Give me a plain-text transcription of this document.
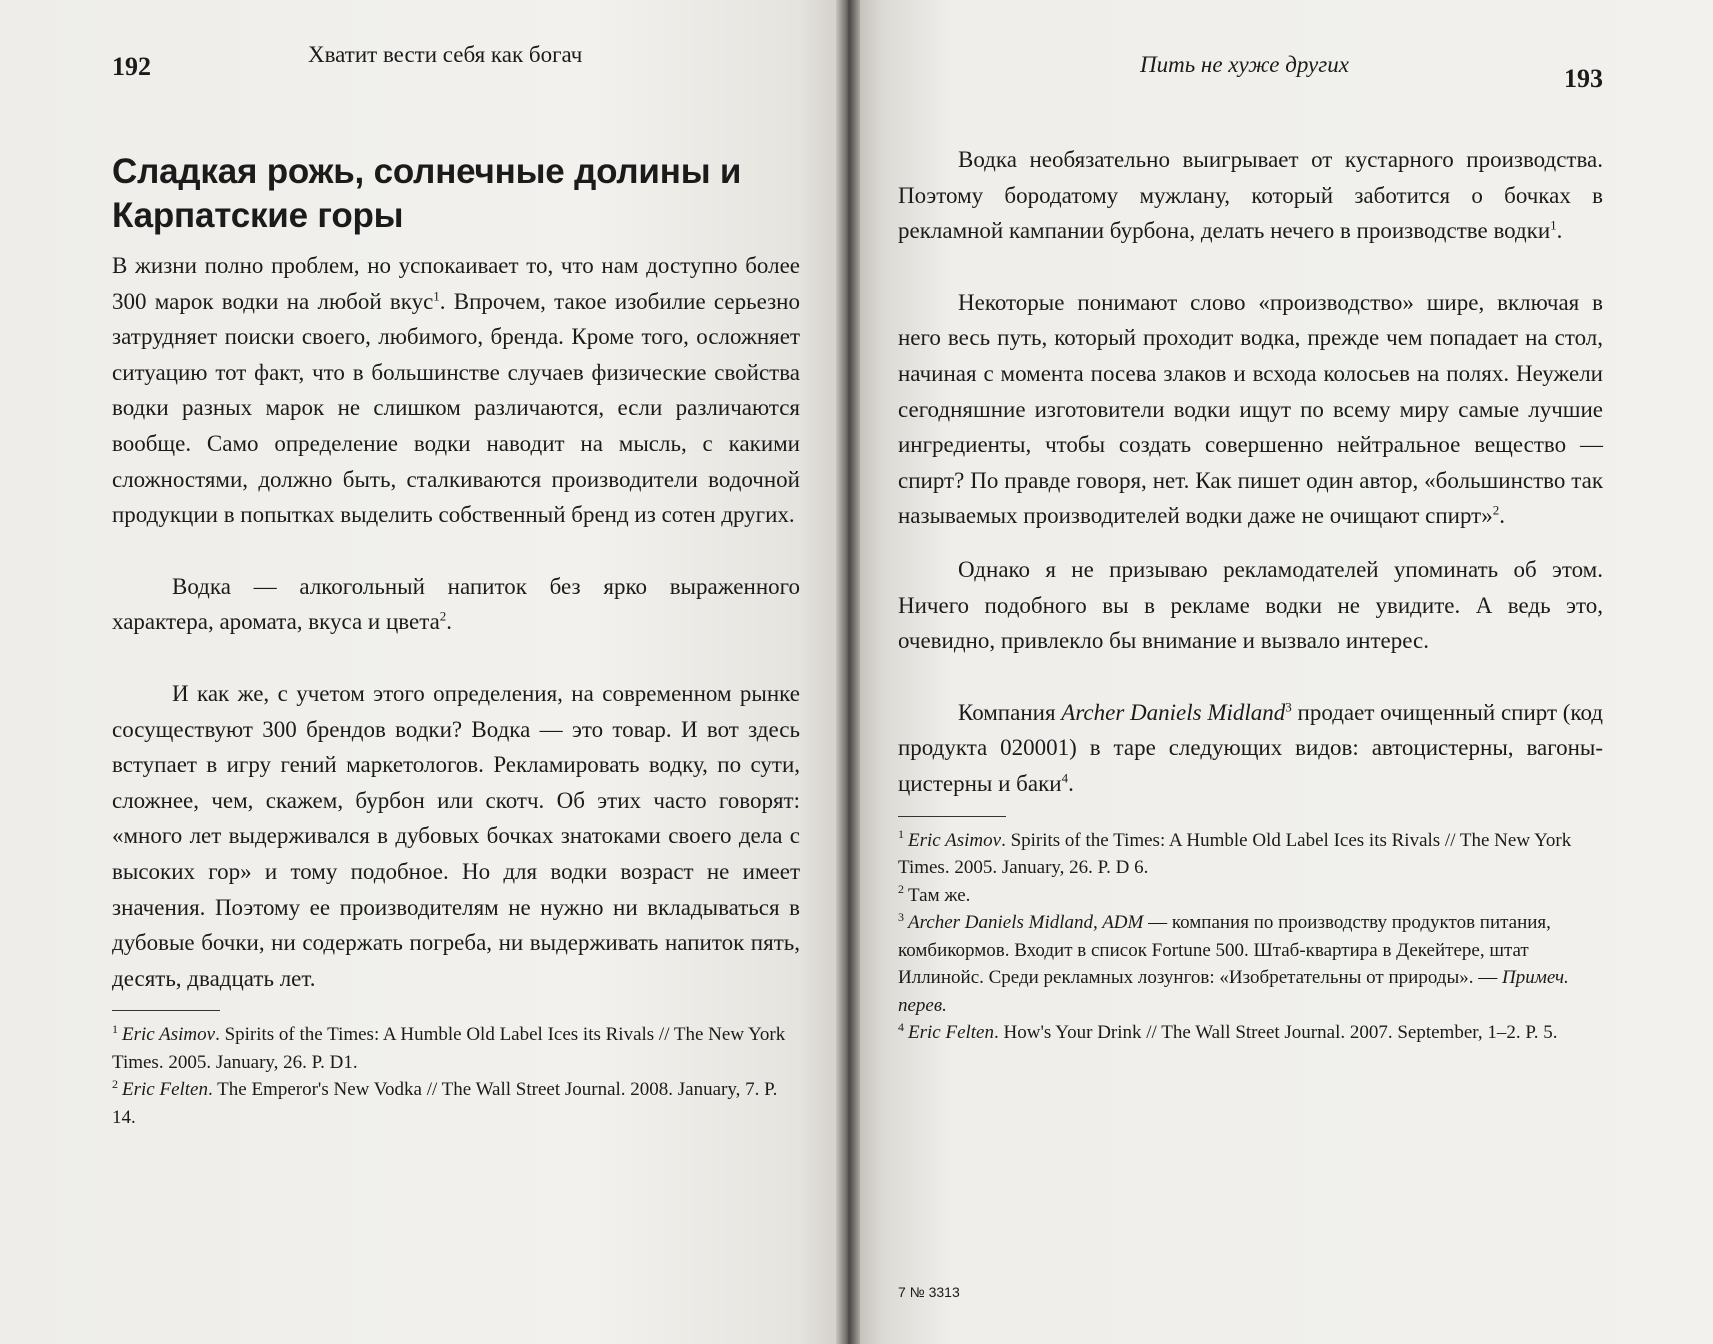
192	Хватит вести себя как богач
Сладкая рожь, солнечные долины и Карпатские горы

В жизни полно проблем, но успокаивает то, что нам доступно более 300 марок водки на любой вкус$^1$. Впрочем, такое изобилие серьезно затрудняет поиски своего, любимого, бренда. Кроме того, осложняет ситуацию тот факт, что в большинстве случаев физические свойства водки разных марок не слишком различаются, если различаются вообще. Само определение водки наводит на мысль, с какими сложностями, должно быть, сталкиваются производители водочной продукции в попытках выделить собственный бренд из сотен других.

Водка — алкогольный напиток без ярко выраженного характера, аромата, вкуса и цвета$^2$.

И как же, с учетом этого определения, на современном рынке сосуществуют 300 брендов водки? Водка — это товар. И вот здесь вступает в игру гений маркетологов. Рекламировать водку, по сути, сложнее, чем, скажем, бурбон или скотч. Об этих часто говорят: «много лет выдерживался в дубовых бочках знатоками своего дела с высоких гор» и тому подобное. Но для водки возраст не имеет значения. Поэтому ее производителям не нужно ни вкладываться в дубовые бочки, ни содержать погреба, ни выдерживать напиток пять, десять, двадцать лет.

$^1$ Eric Asimov. Spirits of the Times: A Humble Old Label Ices its Rivals // The New York Times. 2005. January, 26. P. D1.
$^2$ Eric Felten. The Emperor's New Vodka // The Wall Street Journal. 2008. January, 7. P. 14.
Пить не хуже других	193

Водка необязательно выигрывает от кустарного производства. Поэтому бородатому мужлану, который заботится о бочках в рекламной кампании бурбона, делать нечего в производстве водки$^1$.

Некоторые понимают слово «производство» шире, включая в него весь путь, который проходит водка, прежде чем попадает на стол, начиная с момента посева злаков и всхода колосьев на полях. Неужели сегодняшние изготовители водки ищут по всему миру самые лучшие ингредиенты, чтобы создать совершенно нейтральное вещество — спирт? По правде говоря, нет. Как пишет один автор, «большинство так называемых производителей водки даже не очищают спирт»$^2$.

Однако я не призываю рекламодателей упоминать об этом. Ничего подобного вы в рекламе водки не увидите. А ведь это, очевидно, привлекло бы внимание и вызвало интерес.

Компания Archer Daniels Midland$^3$ продает очищенный спирт (код продукта 020001) в таре следующих видов: автоцистерны, вагоны-цистерны и баки$^4$.

$^1$ Eric Asimov. Spirits of the Times: A Humble Old Label Ices its Rivals // The New York Times. 2005. January, 26. P. D 6.
$^2$ Там же.
$^3$ Archer Daniels Midland, ADM — компания по производству продуктов питания, комбикормов. Входит в список Fortune 500. Штаб-квартира в Декейтере, штат Иллинойс. Среди рекламных лозунгов: «Изобретательны от природы». — Примеч. перев.
$^4$ Eric Felten. How's Your Drink // The Wall Street Journal. 2007. September, 1–2. P. 5.
7 № 3313
